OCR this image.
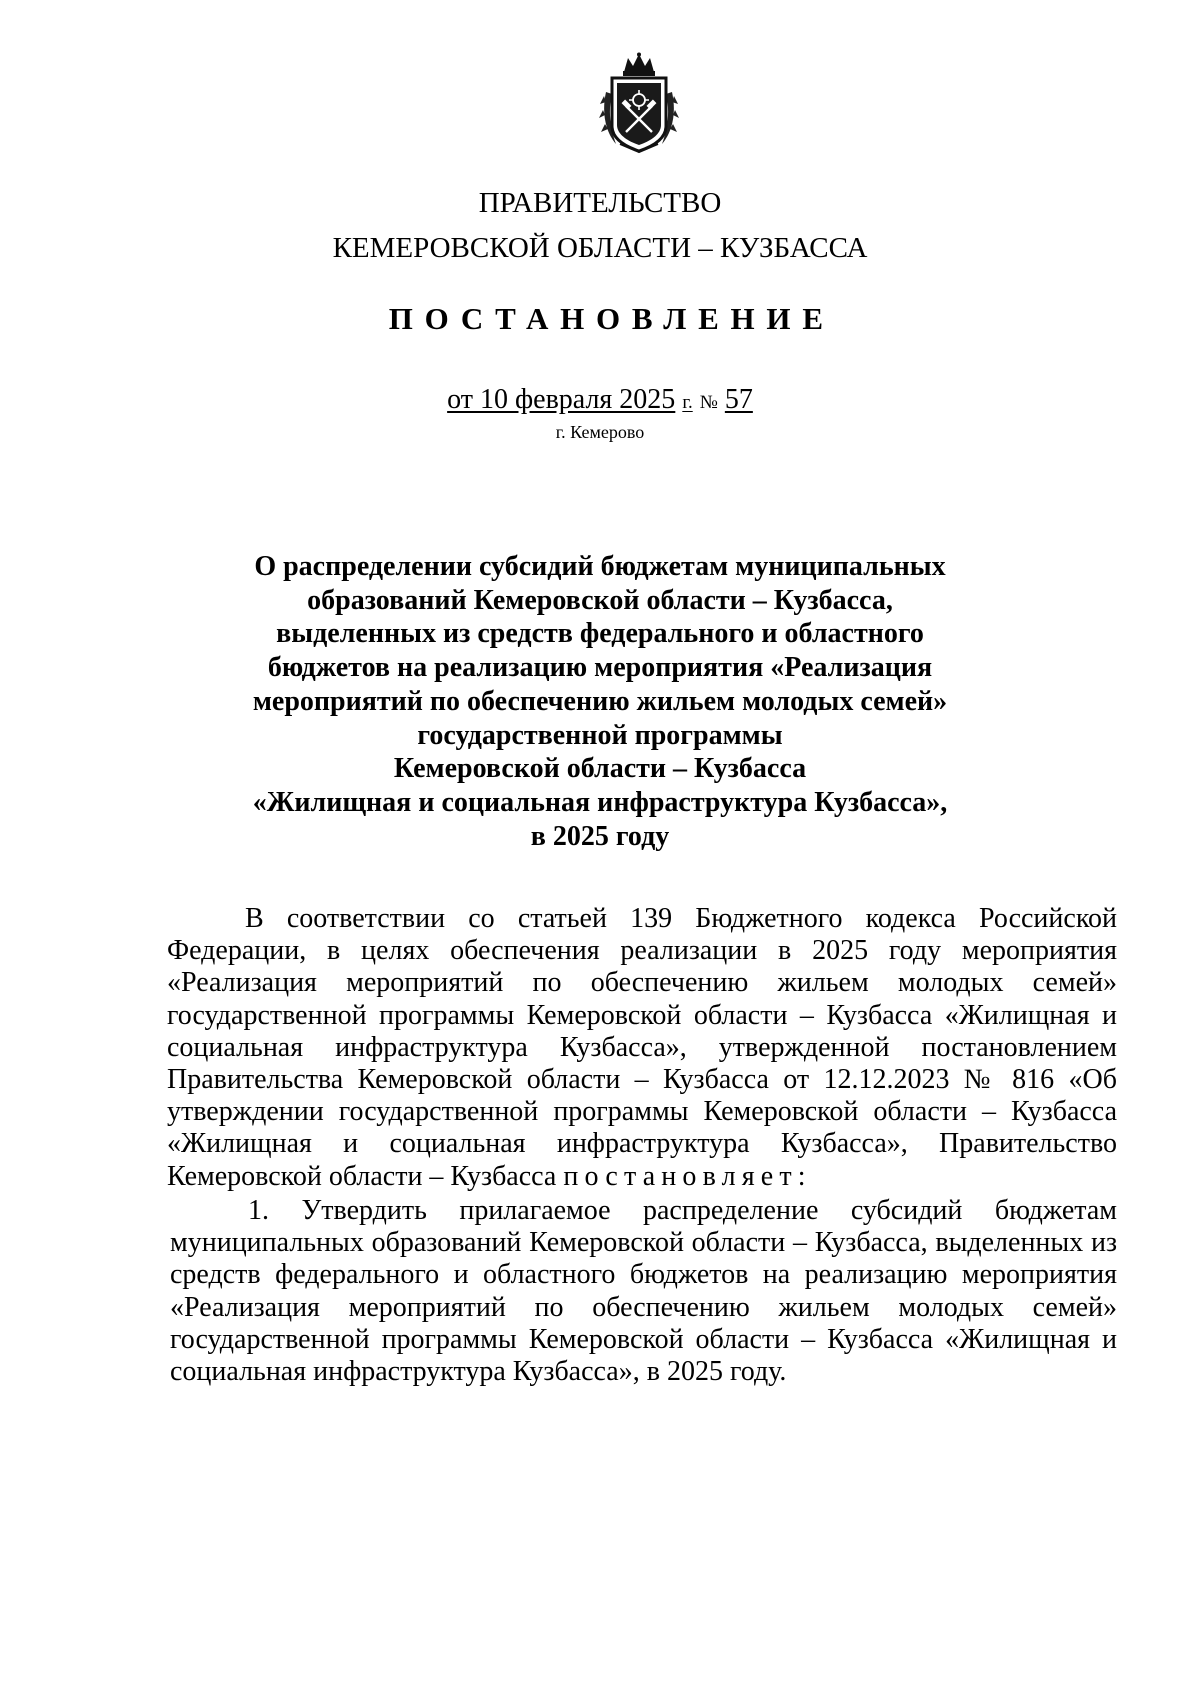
ПРАВИТЕЛЬСТВО
КЕМЕРОВСКОЙ ОБЛАСТИ – КУЗБАССА
ПОСТАНОВЛЕНИЕ
от 10 февраля 2025 г. № 57
г. Кемерово
О распределении субсидий бюджетам муниципальных
образований Кемеровской области – Кузбасса,
выделенных из средств федерального и областного
бюджетов на реализацию мероприятия «Реализация
мероприятий по обеспечению жильем молодых семей»
государственной программы
Кемеровской области – Кузбасса
«Жилищная и социальная инфраструктура Кузбасса»,
в 2025 году
В соответствии со статьей 139 Бюджетного кодекса Российской Федерации, в целях обеспечения реализации в 2025 году мероприятия «Реализация мероприятий по обеспечению жильем молодых семей» государственной программы Кемеровской области – Кузбасса «Жилищная и социальная инфраструктура Кузбасса», утвержденной постановлением Правительства Кемеровской области – Кузбасса от 12.12.2023 № 816 «Об утверждении государственной программы Кемеровской области – Кузбасса «Жилищная и социальная инфраструктура Кузбасса», Правительство Кемеровской области – Кузбасса постановляет:
1. Утвердить прилагаемое распределение субсидий бюджетам муниципальных образований Кемеровской области – Кузбасса, выделенных из средств федерального и областного бюджетов на реализацию мероприятия «Реализация мероприятий по обеспечению жильем молодых семей» государственной программы Кемеровской области – Кузбасса «Жилищная и социальная инфраструктура Кузбасса», в 2025 году.
